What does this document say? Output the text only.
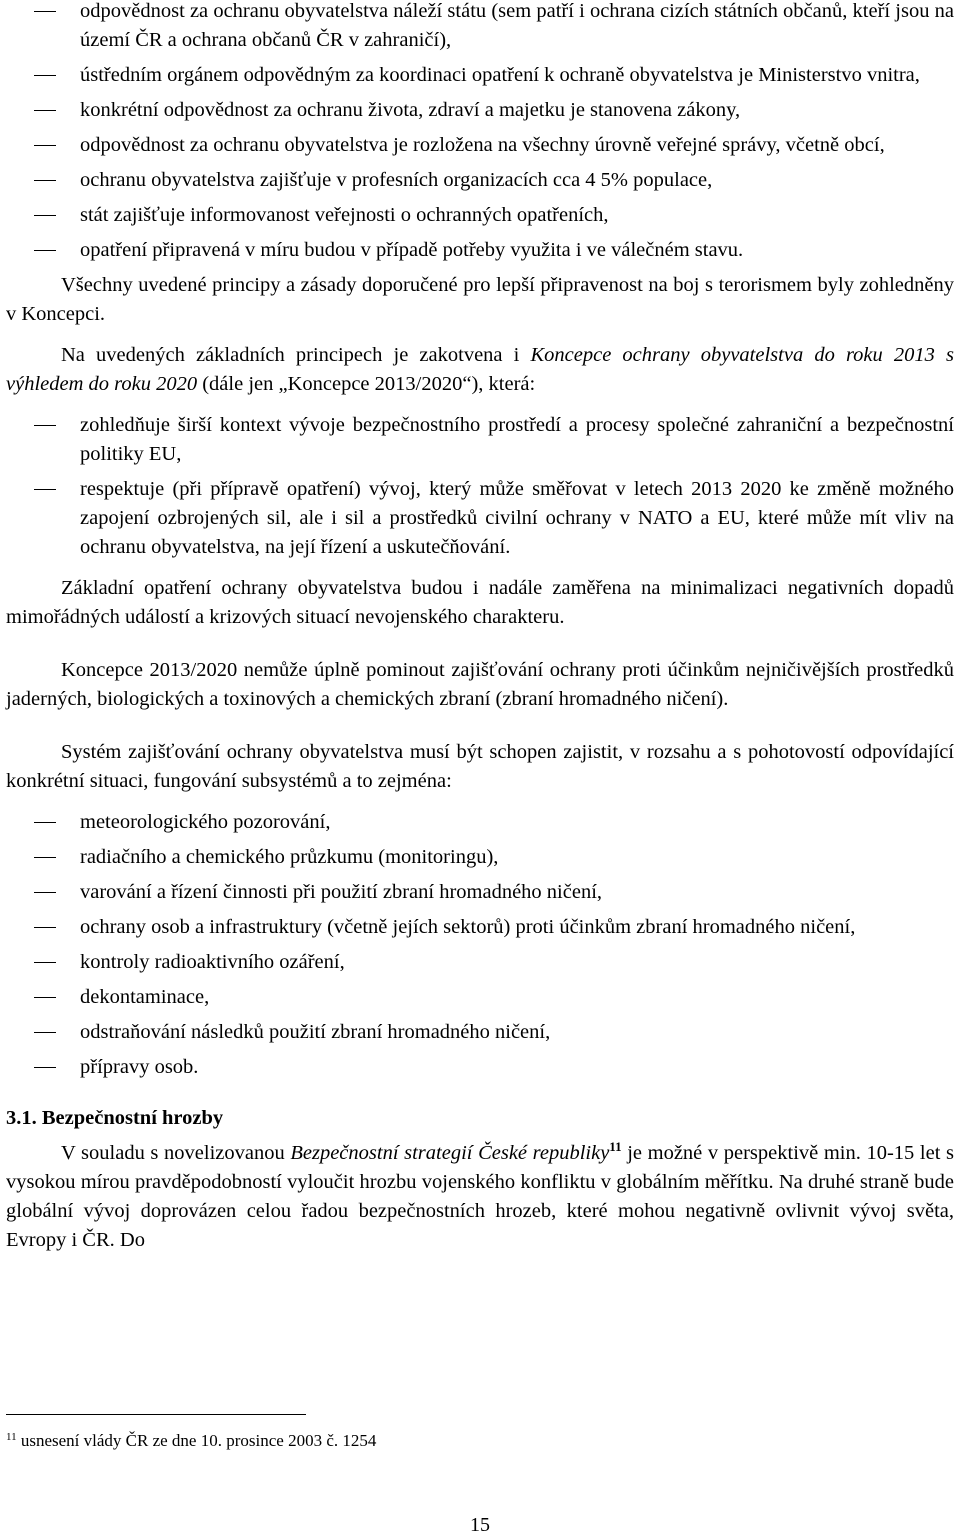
odpovědnost za ochranu obyvatelstva náleží státu (sem patří i ochrana cizích státních občanů, kteří jsou na území ČR a ochrana občanů ČR v zahraničí),

ústředním orgánem odpovědným za koordinaci opatření k ochraně obyvatelstva je Ministerstvo vnitra,

konkrétní odpovědnost za ochranu života, zdraví a majetku je stanovena zákony,

odpovědnost za ochranu obyvatelstva je rozložena na všechny úrovně veřejné správy, včetně obcí,

ochranu obyvatelstva zajišťuje v profesních organizacích cca 4 5% populace,

stát zajišťuje informovanost veřejnosti o ochranných opatřeních,

opatření připravená v míru budou v případě potřeby využita i ve válečném stavu.

Všechny uvedené principy a zásady doporučené pro lepší připravenost na boj s terorismem byly zohledněny v Koncepci.

Na uvedených základních principech je zakotvena i Koncepce ochrany obyvatelstva do roku 2013 s výhledem do roku 2020 (dále jen „Koncepce 2013/2020“), která:

zohledňuje širší kontext vývoje bezpečnostního prostředí a procesy společné zahraniční a bezpečnostní politiky EU,

respektuje (při přípravě opatření) vývoj, který může směřovat v letech 2013 2020 ke změně možného zapojení ozbrojených sil, ale i sil a prostředků civilní ochrany v NATO a EU, které může mít vliv na ochranu obyvatelstva, na její řízení a uskutečňování.

Základní opatření ochrany obyvatelstva budou i nadále zaměřena na minimalizaci negativních dopadů mimořádných událostí a krizových situací nevojenského charakteru.

Koncepce 2013/2020 nemůže úplně pominout zajišťování ochrany proti účinkům nejničivějších prostředků jaderných, biologických a toxinových a chemických zbraní (zbraní hromadného ničení).

Systém zajišťování ochrany obyvatelstva musí být schopen zajistit, v rozsahu a s pohotovostí odpovídající konkrétní situaci, fungování subsystémů a to zejména:

meteorologického pozorování,

radiačního a chemického průzkumu (monitoringu),

varování a řízení činnosti při použití zbraní hromadného ničení,

ochrany osob a infrastruktury (včetně jejích sektorů) proti účinkům zbraní hromadného ničení,

kontroly radioaktivního ozáření,

dekontaminace,

odstraňování následků použití zbraní hromadného ničení,

přípravy osob.

3.1. Bezpečnostní hrozby

V souladu s novelizovanou Bezpečnostní strategií České republiky$^{11}$ je možné v perspektivě min. 10-15 let s vysokou mírou pravděpodobností vyloučit hrozbu vojenského konfliktu v globálním měřítku. Na druhé straně bude globální vývoj doprovázen celou řadou bezpečnostních hrozeb, které mohou negativně ovlivnit vývoj světa, Evropy i ČR. Do

$^{11}$ usnesení vlády ČR ze dne 10. prosince 2003 č. 1254
15
